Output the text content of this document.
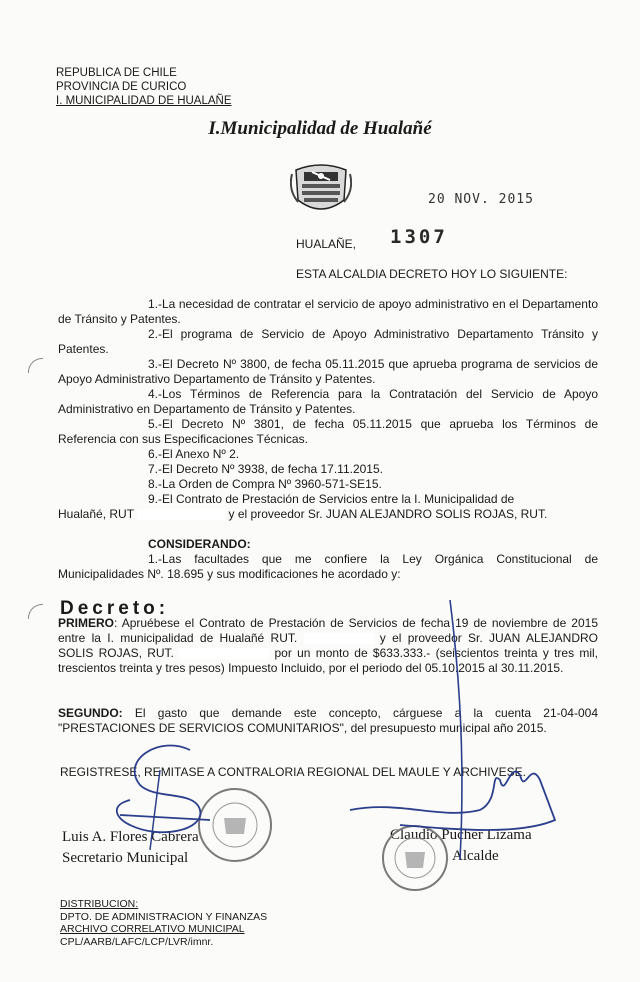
REPUBLICA DE CHILE
PROVINCIA DE CURICO
I. MUNICIPALIDAD DE HUALAÑE
I.Municipalidad de Hualañé
20 NOV. 2015
HUALAÑE, 1307
ESTA ALCALDIA DECRETO HOY LO SIGUIENTE:
1.-La necesidad de contratar el servicio de apoyo administrativo en el Departamento de Tránsito y Patentes.
2.-El programa de Servicio de Apoyo Administrativo Departamento Tránsito y Patentes.
3.-El Decreto Nº 3800, de fecha 05.11.2015 que aprueba programa de servicios de Apoyo Administrativo Departamento de Tránsito y Patentes.
4.-Los Términos de Referencia para la Contratación del Servicio de Apoyo Administrativo en Departamento de Tránsito y Patentes.
5.-El Decreto Nº 3801, de fecha 05.11.2015 que aprueba los Términos de Referencia con sus Especificaciones Técnicas.
6.-El Anexo Nº 2.
7.-El Decreto Nº 3938, de fecha 17.11.2015.
8.-La Orden de Compra Nº 3960-571-SE15.
9.-El Contrato de Prestación de Servicios entre la I. Municipalidad de
Hualañé, RUT	y el proveedor Sr. JUAN ALEJANDRO SOLIS ROJAS, RUT.
CONSIDERANDO:
1.-Las facultades que me confiere la Ley Orgánica Constitucional de Municipalidades Nº. 18.695 y sus modificaciones he acordado y:
Decreto:
PRIMERO: Apruébese el Contrato de Prestación de Servicios de fecha 19 de noviembre de 2015 entre la I. municipalidad de Hualañé RUT.	y el proveedor Sr. JUAN ALEJANDRO SOLIS ROJAS, RUT.	por un monto de $633.333.- (seiscientos treinta y tres mil, trescientos treinta y tres pesos) Impuesto Incluido, por el periodo del 05.10.2015 al 30.11.2015.
SEGUNDO: El gasto que demande este concepto, cárguese a la cuenta 21-04-004 "PRESTACIONES DE SERVICIOS COMUNITARIOS", del presupuesto municipal año 2015.
REGISTRESE, REMITASE A CONTRALORIA REGIONAL DEL MAULE Y ARCHIVESE.
Luis A. Flores Cabrera
Secretario Municipal
Claudio Pucher Lizama
Alcalde
DISTRIBUCION:
DPTO. DE ADMINISTRACION Y FINANZAS
ARCHIVO CORRELATIVO MUNICIPAL
CPL/AARB/LAFC/LCP/LVR/imnr.
